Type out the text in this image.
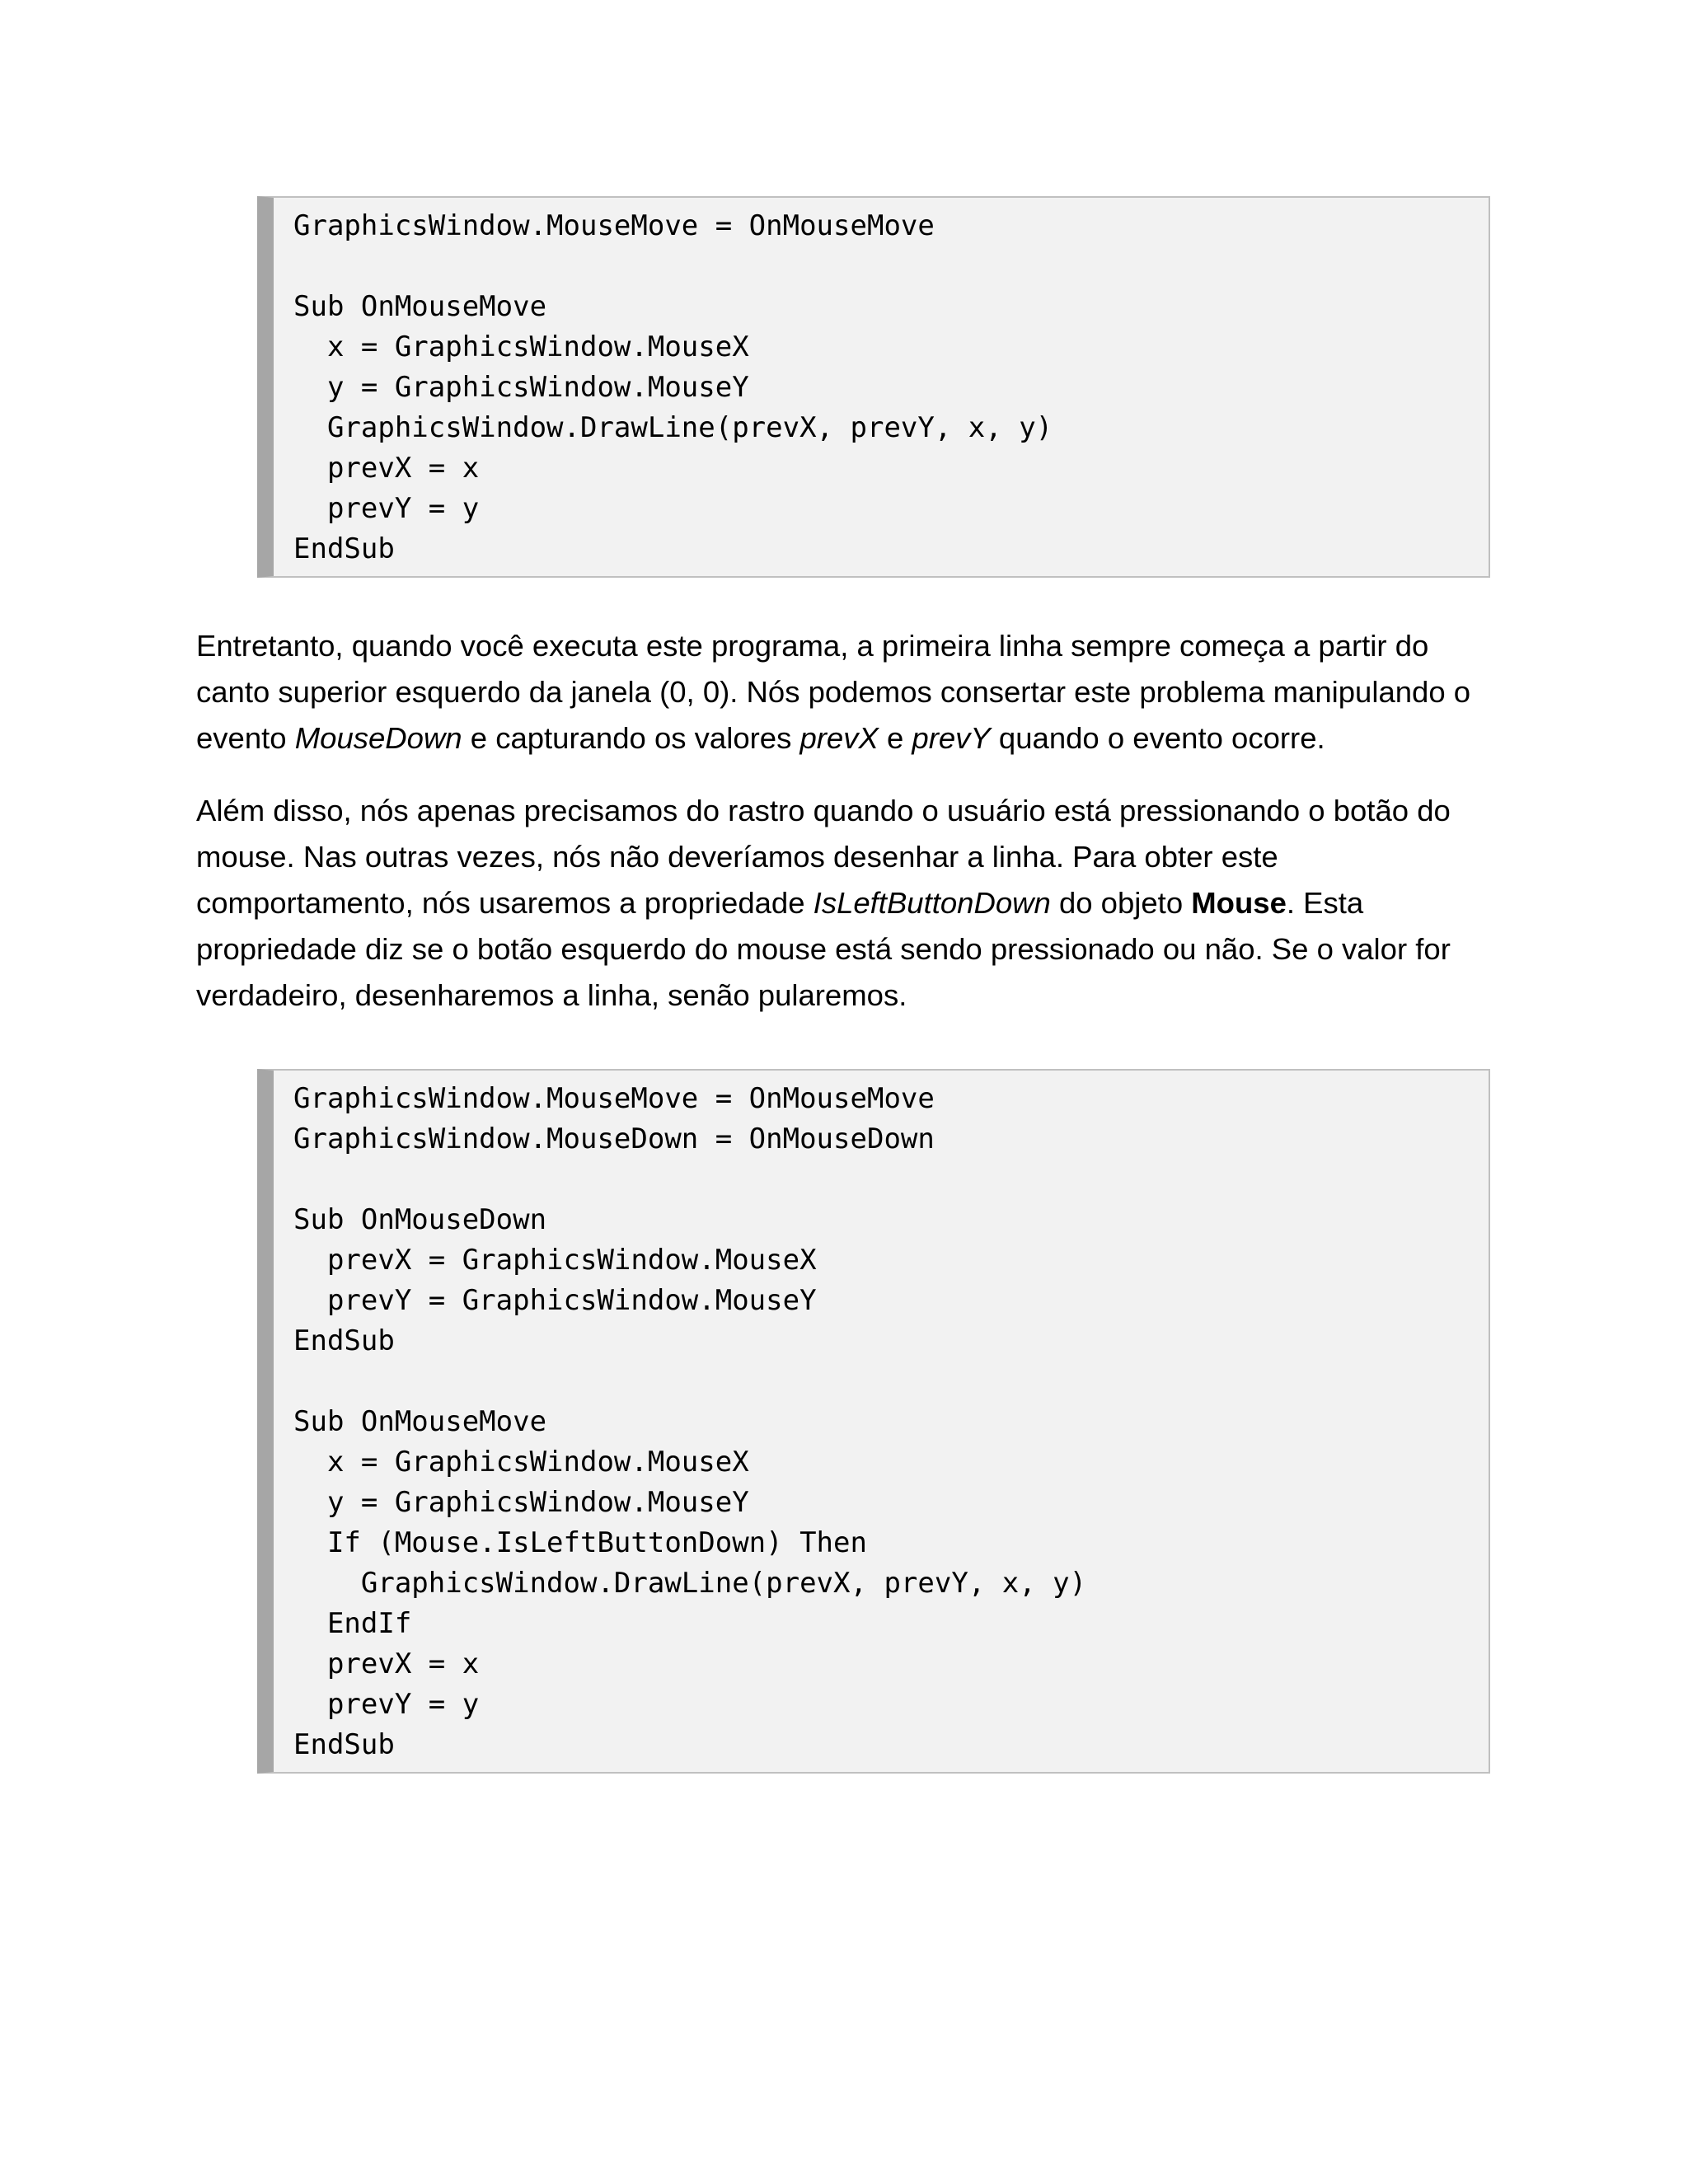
GraphicsWindow.MouseMove = OnMouseMove
Sub OnMouseMove
x = GraphicsWindow.MouseX
y = GraphicsWindow.MouseY
GraphicsWindow.DrawLine(prevX, prevY, x, y)
prevX = x
prevY = y
EndSub

Entretanto, quando você executa este programa, a primeira linha sempre começa a partir do canto superior esquerdo da janela (0, 0). Nós podemos consertar este problema manipulando o evento MouseDown e capturando os valores prevX e prevY quando o evento ocorre.

Além disso, nós apenas precisamos do rastro quando o usuário está pressionando o botão do mouse. Nas outras vezes, nós não deveríamos desenhar a linha. Para obter este comportamento, nós usaremos a propriedade IsLeftButtonDown do objeto Mouse. Esta propriedade diz se o botão esquerdo do mouse está sendo pressionado ou não. Se o valor for verdadeiro, desenharemos a linha, senão pularemos.

GraphicsWindow.MouseMove = OnMouseMove
GraphicsWindow.MouseDown = OnMouseDown
Sub OnMouseDown
prevX = GraphicsWindow.MouseX
prevY = GraphicsWindow.MouseY
EndSub
Sub OnMouseMove
x = GraphicsWindow.MouseX
y = GraphicsWindow.MouseY
If (Mouse.IsLeftButtonDown) Then
GraphicsWindow.DrawLine(prevX, prevY, x, y)
EndIf
prevX = x
prevY = y
EndSub
